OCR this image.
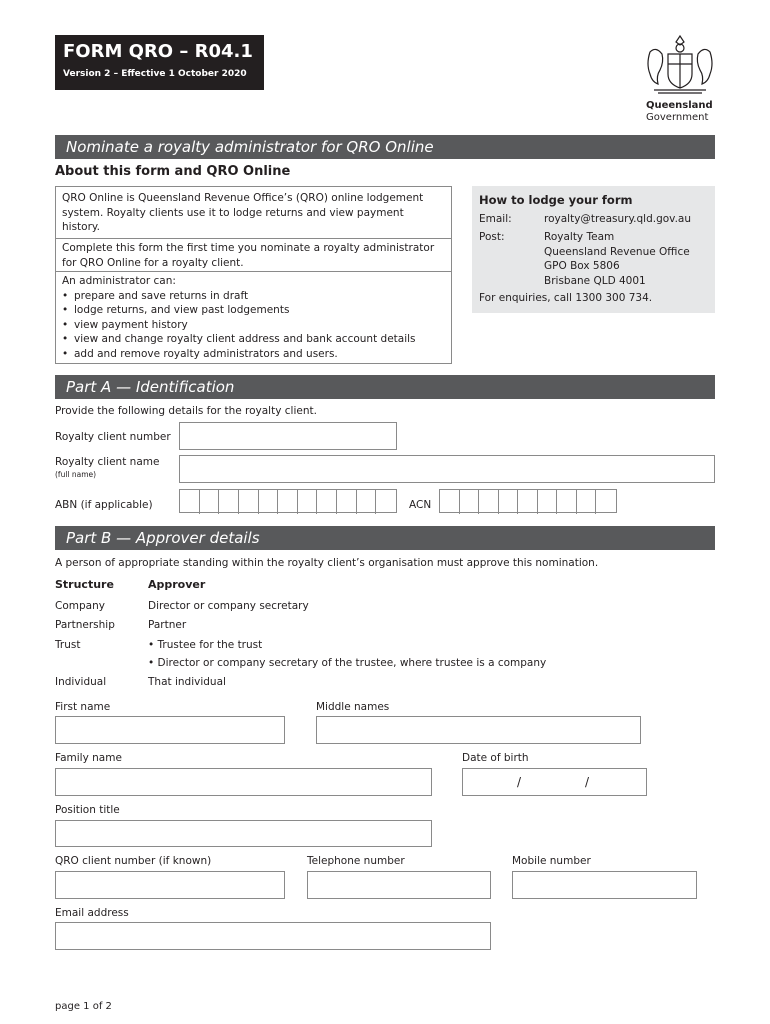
FORM QRO – R04.1
Version 2 – Effective 1 October 2020
Queensland
Government
Nominate a royalty administrator for QRO Online
About this form and QRO Online
QRO Online is Queensland Revenue Office’s (QRO) online lodgement system. Royalty clients use it to lodge returns and view payment history.
Complete this form the first time you nominate a royalty administrator for QRO Online for a royalty client.
An administrator can:
• prepare and save returns in draft
• lodge returns, and view past lodgements
• view payment history
• view and change royalty client address and bank account details
• add and remove royalty administrators and users.
How to lodge your form
Email:	royalty@treasury.qld.gov.au
Post:	Royalty Team
Queensland Revenue Office
GPO Box 5806
Brisbane QLD 4001
For enquiries, call 1300 300 734.
Part A — Identification
Provide the following details for the royalty client.
Royalty client number
Royalty client name
(full name)
ABN (if applicable)	ACN
Part B — Approver details
A person of appropriate standing within the royalty client’s organisation must approve this nomination.
Structure	Approver
Company	Director or company secretary
Partnership	Partner
Trust	• Trustee for the trust
• Director or company secretary of the trustee, where trustee is a company
Individual	That individual
First name	Middle names
Family name	Date of birth
/	/
Position title
QRO client number (if known)	Telephone number	Mobile number
Email address
page 1 of 2
